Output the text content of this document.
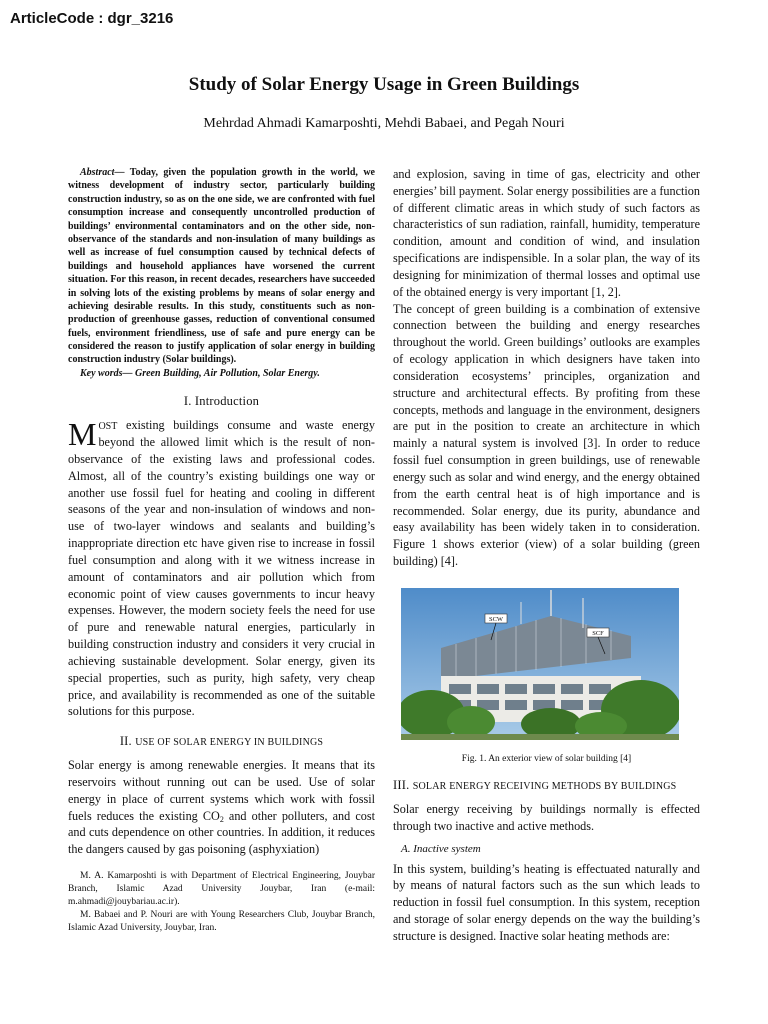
ArticleCode : dgr_3216
Study of Solar Energy Usage in Green Buildings
Mehrdad Ahmadi Kamarposhti, Mehdi Babaei, and Pegah Nouri

Abstract— Today, given the population growth in the world, we witness development of industry sector, particularly building construction industry, so as on the one side, we are confronted with fuel consumption increase and consequently uncontrolled production of buildings’ environmental contaminators and on the other side, non-observance of the standards and non-insulation of many buildings as well as increase of fuel consumption caused by technical defects of buildings and household appliances have worsened the current situation. For this reason, in recent decades, researchers have succeeded in solving lots of the existing problems by means of solar energy and achieving desirable results. In this study, constituents such as non-production of greenhouse gasses, reduction of conventional consumed fuels, environment friendliness, use of safe and pure energy can be considered the reason to justify application of solar energy in building construction industry (Solar buildings).

Key words— Green Building, Air Pollution, Solar Energy.

I. Introduction

MOST existing buildings consume and waste energy beyond the allowed limit which is the result of non-observance of the existing laws and professional codes. Almost, all of the country’s existing buildings one way or another use fossil fuel for heating and cooling in different seasons of the year and non-insulation of windows and non-use of two-layer windows and sealants and building’s inappropriate direction etc have given rise to increase in fossil fuel consumption and along with it we witness increase in amount of contaminators and air pollution which from economic point of view causes governments to incur heavy expenses. However, the modern society feels the need for use of pure and renewable natural energies, particularly in building construction industry and considers it very crucial in achieving sustainable development. Solar energy, given its special properties, such as purity, high safety, very cheap price, and availability is recommended as one of the suitable solutions for this purpose.

II. USE OF SOLAR ENERGY IN BUILDINGS

Solar energy is among renewable energies. It means that its reservoirs without running out can be used. Use of solar energy in place of current systems which work with fossil fuels reduces the existing $CO_2$ and other polluters, and cost and cuts dependence on other countries. In addition, it reduces the dangers caused by gas poisoning (asphyxiation)

M. A. Kamarposhti is with Department of Electrical Engineering, Jouybar Branch, Islamic Azad University Jouybar, Iran (e-mail: m.ahmadi@jouybariau.ac.ir).

M. Babaei and P. Nouri are with Young Researchers Club, Jouybar Branch, Islamic Azad University, Jouybar, Iran.

and explosion, saving in time of gas, electricity and other energies’ bill payment. Solar energy possibilities are a function of different climatic areas in which study of such factors as characteristics of sun radiation, rainfall, humidity, temperature condition, amount and condition of wind, and insulation specifications are indispensible. In a solar plan, the way of its designing for minimization of thermal losses and optimal use of the obtained energy is very important [1, 2].

The concept of green building is a combination of extensive connection between the building and energy researches throughout the world. Green buildings’ outlooks are examples of ecology application in which designers have taken into consideration ecosystems’ principles, organization and structure and architectural effects. By profiting from these concepts, methods and language in the environment, designers are put in the position to create an architecture in which mainly a natural system is involved [3]. In order to reduce fossil fuel consumption in green buildings, use of renewable energy such as solar and wind energy, and the energy obtained from the earth central heat is of high importance and is recommended. Solar energy, due its purity, abundance and easy availability has been widely taken in to consideration. Figure 1 shows exterior (view) of a solar building (green building) [4].

SCW
SCF
Fig. 1. An exterior view of solar building [4]
III. SOLAR ENERGY RECEIVING METHODS BY BUILDINGS

Solar energy receiving by buildings normally is effected through two inactive and active methods.

A. Inactive system

In this system, building’s heating is effectuated naturally and by means of natural factors such as the sun which leads to reduction in fossil fuel consumption. In this system, reception and storage of solar energy depends on the way the building’s structure is designed. Inactive solar heating methods are:
